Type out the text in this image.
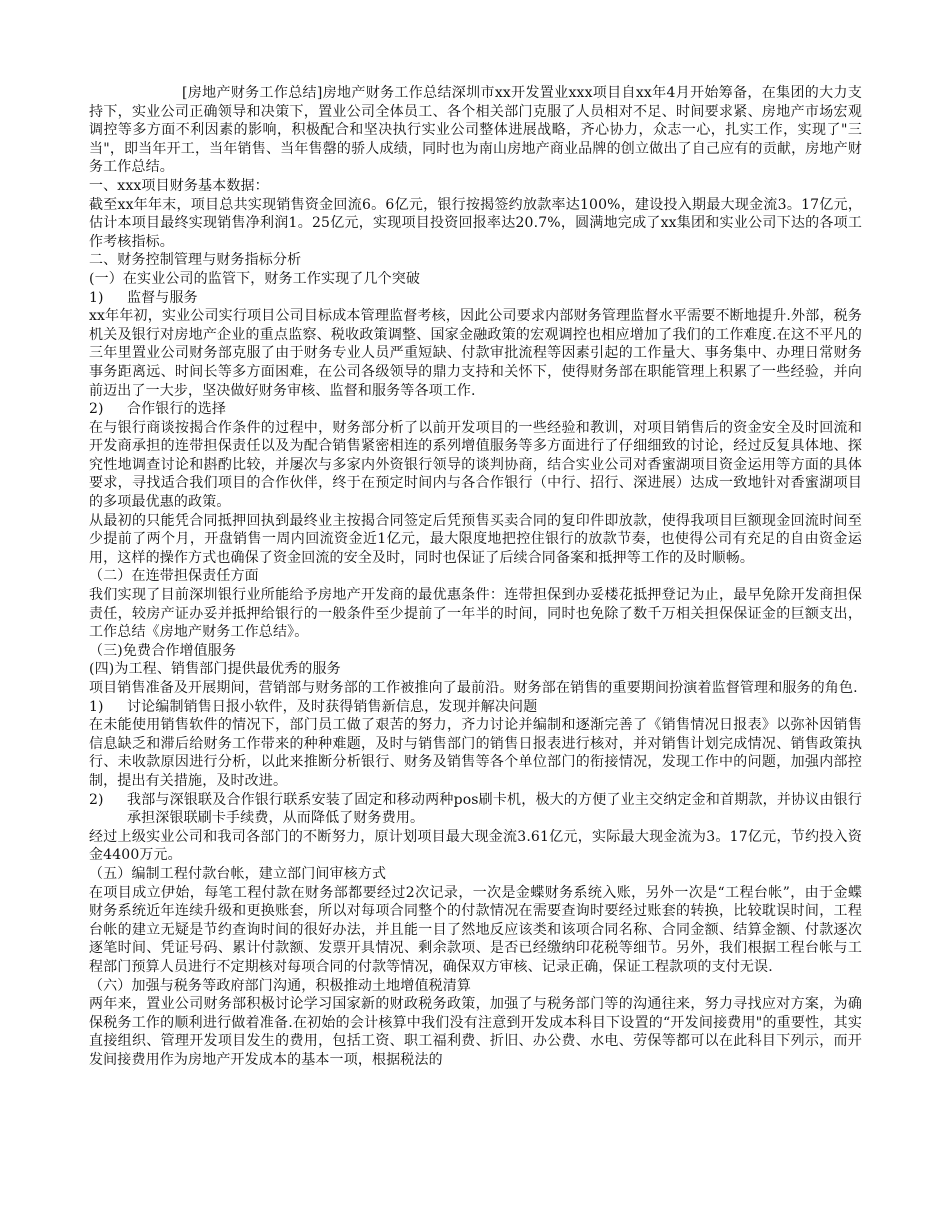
[房地产财务工作总结]房地产财务工作总结深圳市xx开发置业xxx项目自xx年4月开始筹备，在集团的大力支持下，实业公司正确领导和决策下，置业公司全体员工、各个相关部门克服了人员相对不足、时间要求紧、房地产市场宏观调控等多方面不利因素的影响，积极配合和坚决执行实业公司整体进展战略，齐心协力，众志一心，扎实工作，实现了"三当"，即当年开工，当年销售、当年售罄的骄人成绩，同时也为南山房地产商业品牌的创立做出了自己应有的贡献，房地产财务工作总结。

一、xxx项目财务基本数据：

截至xx年年末，项目总共实现销售资金回流6。6亿元，银行按揭签约放款率达100%，建设投入期最大现金流3。17亿元，估计本项目最终实现销售净利润1。25亿元，实现项目投资回报率达20.7%，圆满地完成了xx集团和实业公司下达的各项工作考核指标。

二、财务控制管理与财务指标分析

(一）在实业公司的监管下，财务工作实现了几个突破

1) 监督与服务

xx年年初，实业公司实行项目公司目标成本管理监督考核，因此公司要求内部财务管理监督水平需要不断地提升.外部，税务机关及银行对房地产企业的重点监察、税收政策调整、国家金融政策的宏观调控也相应增加了我们的工作难度.在这不平凡的三年里置业公司财务部克服了由于财务专业人员严重短缺、付款审批流程等因素引起的工作量大、事务集中、办理日常财务事务距离远、时间长等多方面困难，在公司各级领导的鼎力支持和关怀下，使得财务部在职能管理上积累了一些经验，并向前迈出了一大步，坚决做好财务审核、监督和服务等各项工作.

2) 合作银行的选择

在与银行商谈按揭合作条件的过程中，财务部分析了以前开发项目的一些经验和教训，对项目销售后的资金安全及时回流和开发商承担的连带担保责任以及为配合销售紧密相连的系列增值服务等多方面进行了仔细细致的讨论，经过反复具体地、探究性地调查讨论和斟酌比较，并屡次与多家内外资银行领导的谈判协商，结合实业公司对香蜜湖项目资金运用等方面的具体要求，寻找适合我们项目的合作伙伴，终于在预定时间内与各合作银行（中行、招行、深进展）达成一致地针对香蜜湖项目的多项最优惠的政策。

从最初的只能凭合同抵押回执到最终业主按揭合同签定后凭预售买卖合同的复印件即放款，使得我项目巨额现金回流时间至少提前了两个月，开盘销售一周内回流资金近1亿元，最大限度地把控住银行的放款节奏，也使得公司有充足的自由资金运用，这样的操作方式也确保了资金回流的安全及时，同时也保证了后续合同备案和抵押等工作的及时顺畅。

（二）在连带担保责任方面

我们实现了目前深圳银行业所能给予房地产开发商的最优惠条件：连带担保到办妥楼花抵押登记为止，最早免除开发商担保责任，较房产证办妥并抵押给银行的一般条件至少提前了一年半的时间，同时也免除了数千万相关担保保证金的巨额支出，工作总结《房地产财务工作总结》。

（三)免费合作增值服务

(四)为工程、销售部门提供最优秀的服务

项目销售准备及开展期间，营销部与财务部的工作被推向了最前沿。财务部在销售的重要期间扮演着监督管理和服务的角色.

1) 讨论编制销售日报小软件，及时获得销售新信息，发现并解决问题

在未能使用销售软件的情况下，部门员工做了艰苦的努力，齐力讨论并编制和逐渐完善了《销售情况日报表》以弥补因销售信息缺乏和滞后给财务工作带来的种种难题，及时与销售部门的销售日报表进行核对，并对销售计划完成情况、销售政策执行、未收款原因进行分析，以此来推断分析银行、财务及销售等各个单位部门的衔接情况，发现工作中的问题，加强内部控制，提出有关措施，及时改进。

2) 我部与深银联及合作银行联系安装了固定和移动两种pos刷卡机，极大的方便了业主交纳定金和首期款，并协议由银行承担深银联刷卡手续费，从而降低了财务费用。

经过上级实业公司和我司各部门的不断努力，原计划项目最大现金流3.61亿元，实际最大现金流为3。17亿元，节约投入资金4400万元。

（五）编制工程付款台帐，建立部门间审核方式

在项目成立伊始，每笔工程付款在财务部都要经过2次记录，一次是金蝶财务系统入账，另外一次是“工程台帐”，由于金蝶财务系统近年连续升级和更换账套，所以对每项合同整个的付款情况在需要查询时要经过账套的转换，比较耽误时间，工程台帐的建立无疑是节约查询时间的很好办法，并且能一目了然地反应该类和该项合同名称、合同金额、结算金额、付款逐次逐笔时间、凭证号码、累计付款额、发票开具情况、剩余款项、是否已经缴纳印花税等细节。另外，我们根据工程台帐与工程部门预算人员进行不定期核对每项合同的付款等情况，确保双方审核、记录正确，保证工程款项的支付无误.

（六）加强与税务等政府部门沟通，积极推动土地增值税清算

两年来，置业公司财务部积极讨论学习国家新的财政税务政策，加强了与税务部门等的沟通往来，努力寻找应对方案，为确保税务工作的顺利进行做着准备.在初始的会计核算中我们没有注意到开发成本科目下设置的“开发间接费用"的重要性，其实直接组织、管理开发项目发生的费用，包括工资、职工福利费、折旧、办公费、水电、劳保等都可以在此科目下列示，而开发间接费用作为房地产开发成本的基本一项，根据税法的
